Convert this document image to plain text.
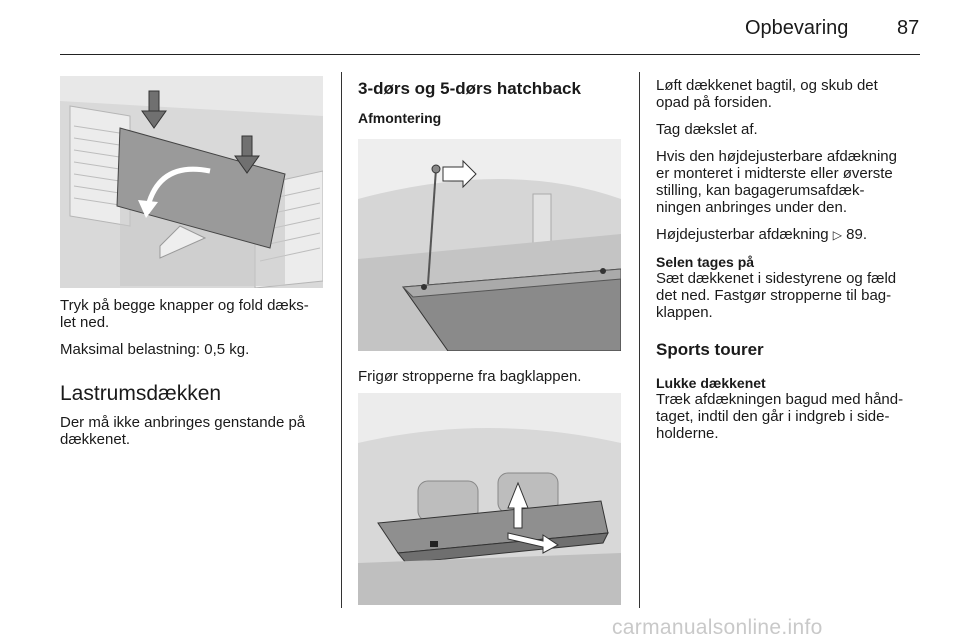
Opbevaring 87
Tryk på begge knapper og fold dæks-
let ned.
Maksimal belastning: 0,5 kg.
Lastrumsdækken
Der må ikke anbringes genstande på
dækkenet.
3-dørs og 5-dørs hatchback
Afmontering
Frigør stropperne fra bagklappen.
Løft dækkenet bagtil, og skub det
opad på forsiden.
Tag dækslet af.
Hvis den højdejusterbare afdækning
er monteret i midterste eller øverste
stilling, kan bagagerumsafdæk-
ningen anbringes under den.
Højdejusterbar afdækning ▷ 89.
Selen tages på
Sæt dækkenet i sidestyrene og fæld
det ned. Fastgør stropperne til bag-
klappen.
Sports tourer
Lukke dækkenet
Træk afdækningen bagud med hånd-
taget, indtil den går i indgreb i side-
holderne.
carmanualsonline.info
